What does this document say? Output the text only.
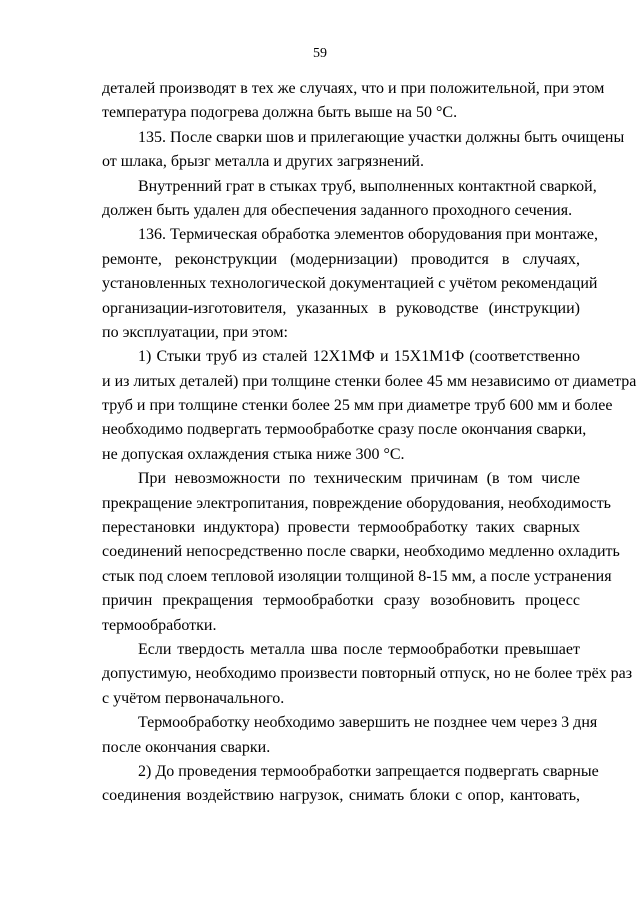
59
деталей производят в тех же случаях, что и при положительной, при этом
температура подогрева должна быть выше на 50 °С.
135. После сварки шов и прилегающие участки должны быть очищены
от шлака, брызг металла и других загрязнений.
Внутренний грат в стыках труб, выполненных контактной сваркой,
должен быть удален для обеспечения заданного проходного сечения.
136. Термическая обработка элементов оборудования при монтаже,
ремонте, реконструкции (модернизации) проводится в случаях,
установленных технологической документацией с учётом рекомендаций
организации-изготовителя, указанных в руководстве (инструкции)
по эксплуатации, при этом:
1) Стыки труб из сталей 12Х1МФ и 15Х1М1Ф (соответственно
и из литых деталей) при толщине стенки более 45 мм независимо от диаметра
труб и при толщине стенки более 25 мм при диаметре труб 600 мм и более
необходимо подвергать термообработке сразу после окончания сварки,
не допуская охлаждения стыка ниже 300 °С.
При невозможности по техническим причинам (в том числе
прекращение электропитания, повреждение оборудования, необходимость
перестановки индуктора) провести термообработку таких сварных
соединений непосредственно после сварки, необходимо медленно охладить
стык под слоем тепловой изоляции толщиной 8-15 мм, а после устранения
причин прекращения термообработки сразу возобновить процесс
термообработки.
Если твердость металла шва после термообработки превышает
допустимую, необходимо произвести повторный отпуск, но не более трёх раз
с учётом первоначального.
Термообработку необходимо завершить не позднее чем через 3 дня
после окончания сварки.
2) До проведения термообработки запрещается подвергать сварные
соединения воздействию нагрузок, снимать блоки с опор, кантовать,
